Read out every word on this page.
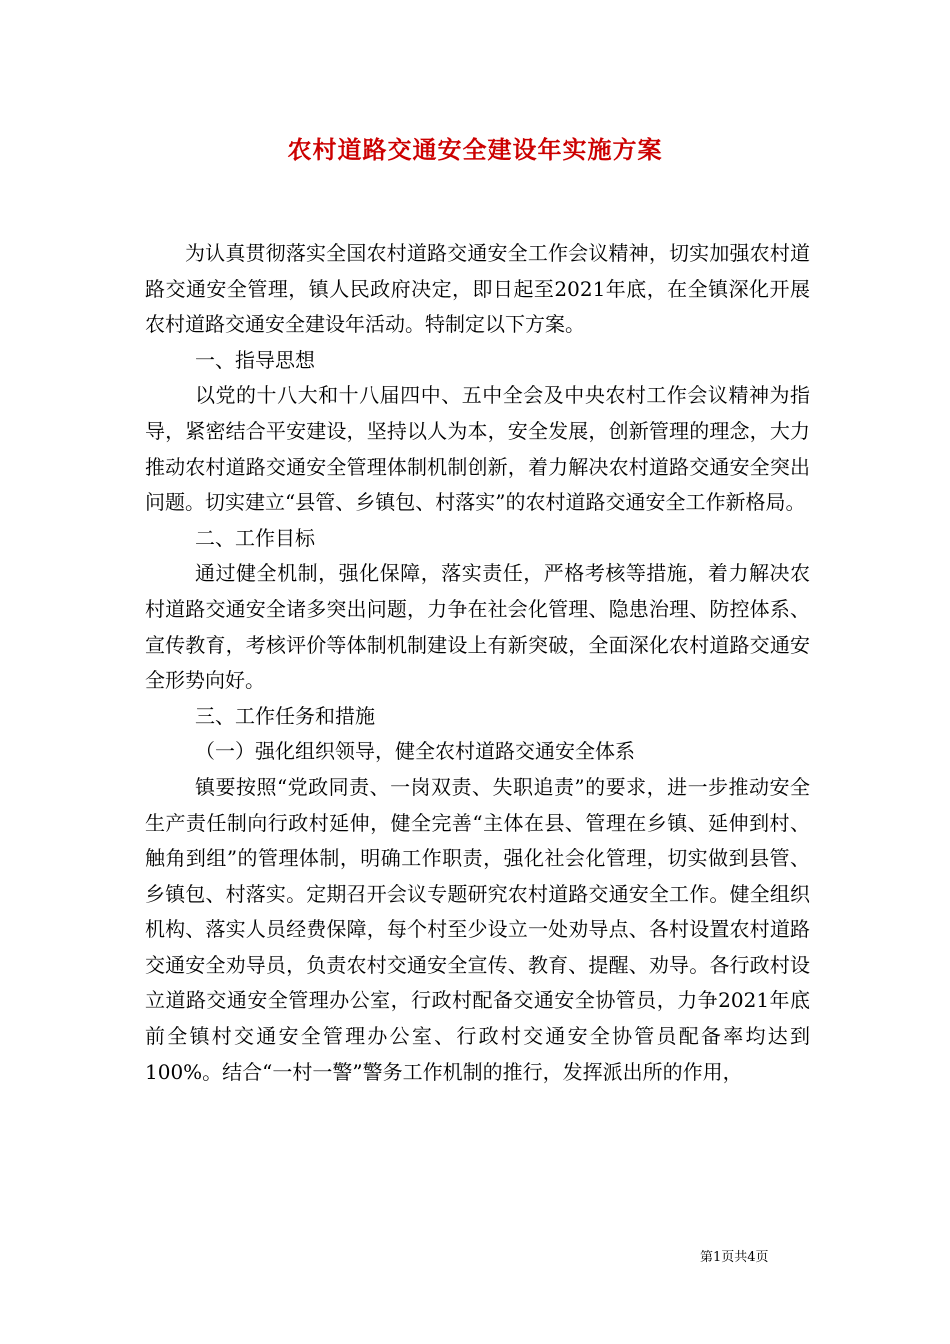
农村道路交通安全建设年实施方案

为认真贯彻落实全国农村道路交通安全工作会议精神，切实加强农村道路交通安全管理，镇人民政府决定，即日起至2021年底，在全镇深化开展农村道路交通安全建设年活动。特制定以下方案。

一、指导思想

以党的十八大和十八届四中、五中全会及中央农村工作会议精神为指导，紧密结合平安建设，坚持以人为本，安全发展，创新管理的理念，大力推动农村道路交通安全管理体制机制创新，着力解决农村道路交通安全突出问题。切实建立“县管、乡镇包、村落实”的农村道路交通安全工作新格局。

二、工作目标

通过健全机制，强化保障，落实责任，严格考核等措施，着力解决农村道路交通安全诸多突出问题，力争在社会化管理、隐患治理、防控体系、宣传教育，考核评价等体制机制建设上有新突破，全面深化农村道路交通安全形势向好。

三、工作任务和措施

（一）强化组织领导，健全农村道路交通安全体系

镇要按照“党政同责、一岗双责、失职追责”的要求，进一步推动安全生产责任制向行政村延伸，健全完善“主体在县、管理在乡镇、延伸到村、触角到组”的管理体制，明确工作职责，强化社会化管理，切实做到县管、乡镇包、村落实。定期召开会议专题研究农村道路交通安全工作。健全组织机构、落实人员经费保障，每个村至少设立一处劝导点、各村设置农村道路交通安全劝导员，负责农村交通安全宣传、教育、提醒、劝导。各行政村设立道路交通安全管理办公室，行政村配备交通安全协管员，力争2021年底前全镇村交通安全管理办公室、行政村交通安全协管员配备率均达到100%。结合“一村一警”警务工作机制的推行，发挥派出所的作用，

第1页共4页
